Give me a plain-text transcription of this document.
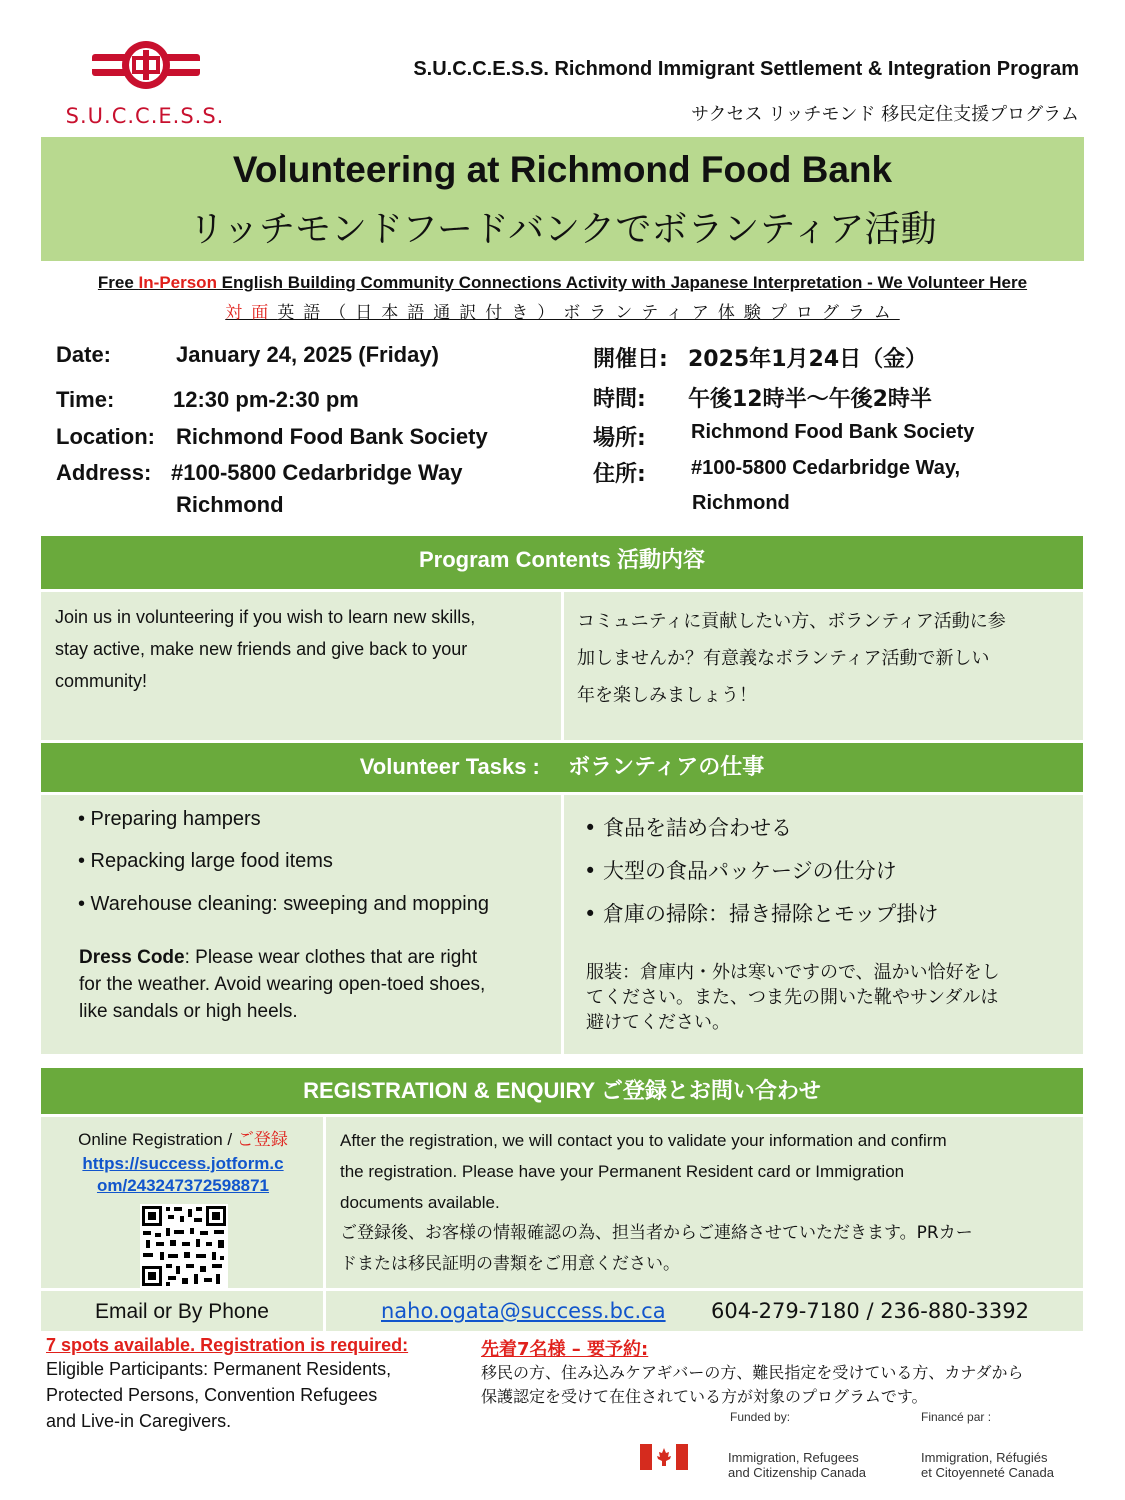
S.U.C.C.E.S.S.
S.U.C.C.E.S.S. Richmond Immigrant Settlement & Integration Program
サクセス リッチモンド 移民定住支援プログラム
Volunteering at Richmond Food Bank
リッチモンドフードバンクでボランティア活動
Free In-Person English Building Community Connections Activity with Japanese Interpretation - We Volunteer Here
対面英語（日本語通訳付き）ボランティア体験プログラム
Date:	January 24, 2025 (Friday)
Time:	12:30 pm-2:30 pm
Location: Richmond Food Bank Society
Address: #100-5800 Cedarbridge Way
Richmond
開催日: 2025年1月24日（金）
時間: 午後12時半～午後2時半
場所: Richmond Food Bank Society
住所: #100-5800 Cedarbridge Way,
Richmond
Program Contents 活動内容
Join us in volunteering if you wish to learn new skills,
stay active, make new friends and give back to your
community!
コミュニティに貢献したい方、ボランティア活動に参
加しませんか？有意義なボランティア活動で新しい
年を楽しみましょう！
Volunteer Tasks :　 ボランティアの仕事
• Preparing hampers
• Repacking large food items
• Warehouse cleaning: sweeping and mopping
• 食品を詰め合わせる
• 大型の食品パッケージの仕分け
• 倉庫の掃除：掃き掃除とモップ掛け
Dress Code: Please wear clothes that are right
for the weather. Avoid wearing open-toed shoes,
like sandals or high heels.
服装：倉庫内・外は寒いですので、温かい恰好をし
てください。また、つま先の開いた靴やサンダルは
避けてください。
REGISTRATION & ENQUIRY ご登録とお問い合わせ
Online Registration / ご登録
https://success.jotform.c
om/243247372598871
After the registration, we will contact you to validate your information and confirm
the registration. Please have your Permanent Resident card or Immigration
documents available.
ご登録後、お客様の情報確認の為、担当者からご連絡させていただきます。PRカー
ドまたは移民証明の書類をご用意ください。
Email or By Phone	naho.ogata@success.bc.ca 604-279-7180 / 236-880-3392
7 spots available. Registration is required:
Eligible Participants: Permanent Residents,
Protected Persons, Convention Refugees
and Live-in Caregivers.
先着7名様 – 要予約:
移民の方、住み込みケアギバーの方、難民指定を受けている方、カナダから
保護認定を受けて在住されている方が対象のプログラムです。
Funded by:	Financé par :
Immigration, Refugees
and Citizenship Canada
Immigration, Réfugiés
et Citoyenneté Canada
